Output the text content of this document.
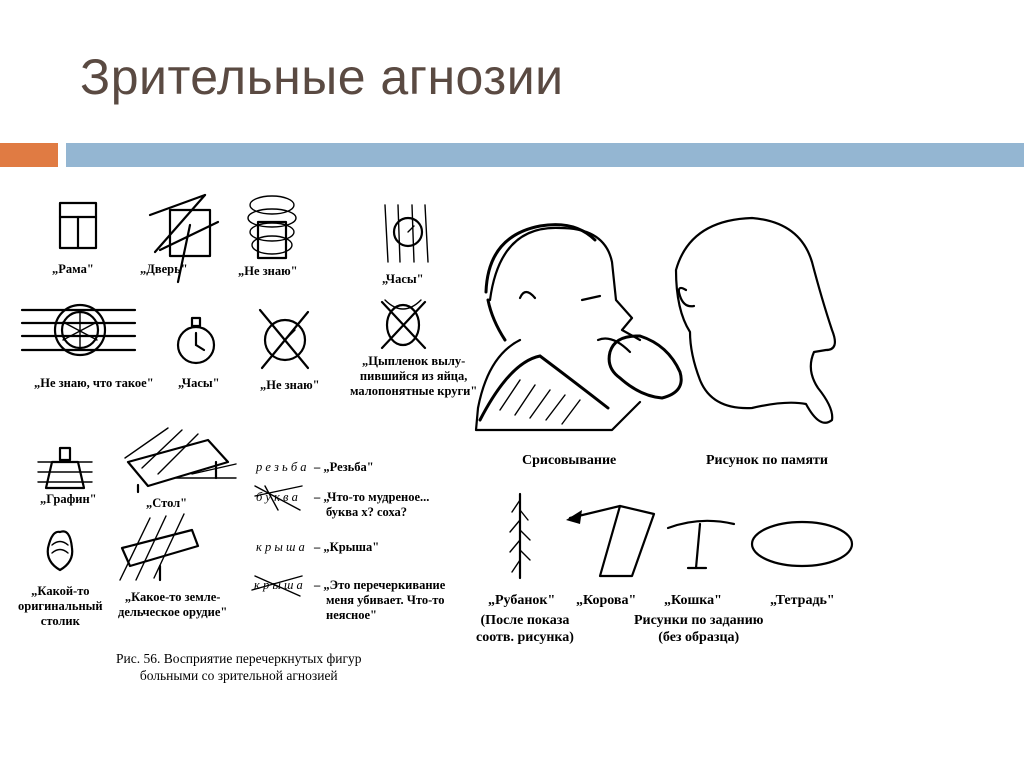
Зрительные агнозии
„Рама"	„Дверь"	„Не знаю"
„Часы"
„Не знаю, что такое" „Часы"	„Не знаю"
„Цыпленок вылу-
пившийся из яйца,
малопонятные круги"
„Графин"	„Стол"
„Какой-то
оригинальный
столик
„Какое-то земле-
дельческое орудие"
р е з ь б а – „Резьба"
б у к в а – „Что-то мудреное...
буква х? соха?
к р ы ш а – „Крыша"
к р ы ш а – „Это перечеркивание
меня убивает. Что-то
неясное"
Рис. 56. Восприятие перечеркнутых фигур
больными со зрительной агнозией
Срисовывание	Рисунок по памяти
„Рубанок" „Корова" „Кошка"	„Тетрадь"
(После показа
соотв. рисунка)
Рисунки по заданию
(без образца)
